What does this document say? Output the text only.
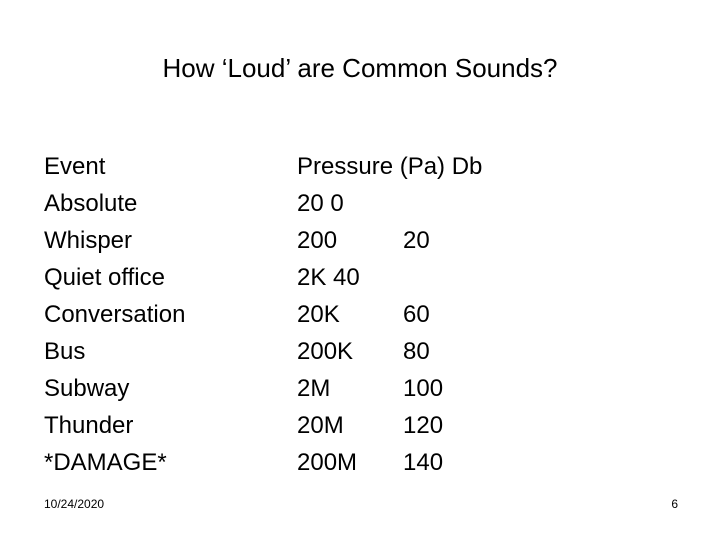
How ‘Loud’ are Common Sounds?
Event
Absolute
Whisper
Quiet office
Conversation
Bus
Subway
Thunder
*DAMAGE*
Pressure (Pa) Db
20 0
200
2K 40
20K
200K
2M
20M
200M
20
60
80
100
120
140
10/24/2020	6
